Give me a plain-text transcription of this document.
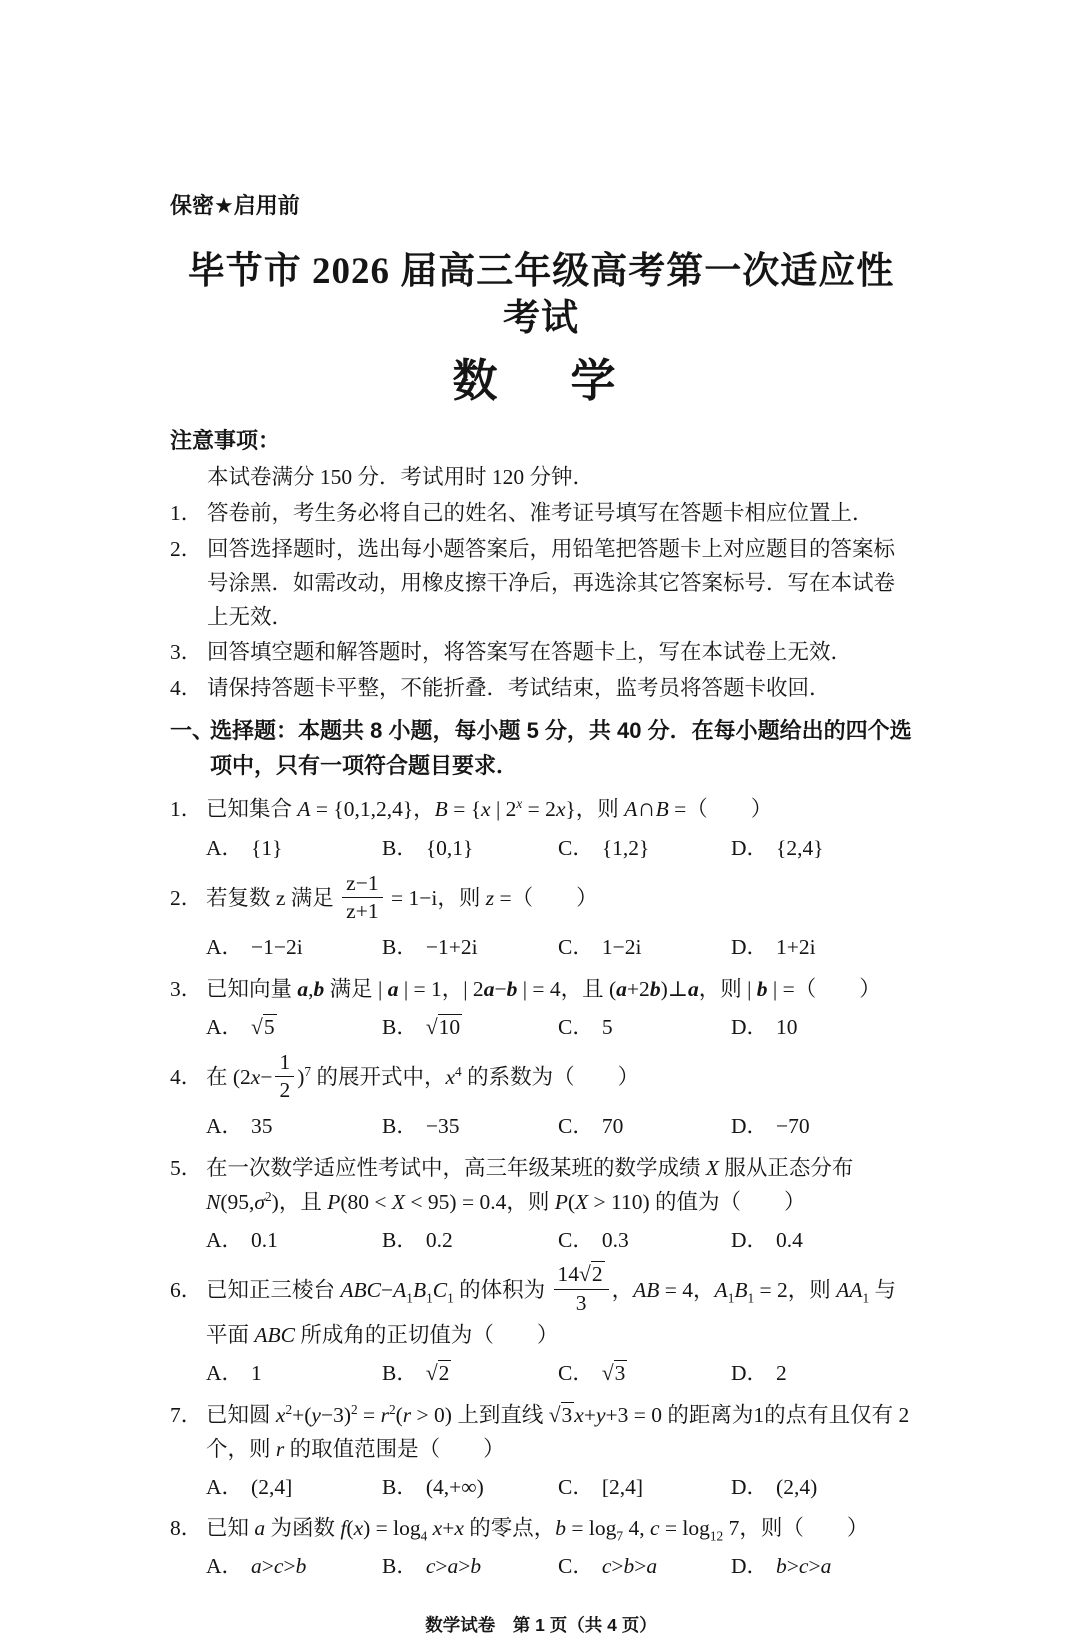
保密★启用前
毕节市 2026 届高三年级高考第一次适应性考试
数　学

注意事项：

本试卷满分 150 分．考试用时 120 分钟．

1． 答卷前，考生务必将自己的姓名、准考证号填写在答题卡相应位置上．

2． 回答选择题时，选出每小题答案后，用铅笔把答题卡上对应题目的答案标号涂黑．如需改动，用橡皮擦干净后，再选涂其它答案标号．写在本试卷上无效．

3． 回答填空题和解答题时，将答案写在答题卡上，写在本试卷上无效．

4． 请保持答题卡平整，不能折叠．考试结束，监考员将答题卡收回．

一、选择题：本题共 8 小题，每小题 5 分，共 40 分．在每小题给出的四个选项中，只有一项符合题目要求．

1． 已知集合 A = {0,1,2,4}，B = {x | $2^x = 2x$}，则 A∩B =（　　）

A． {1}	B． {0,1}	C． {1,2}	D． {2,4}

2． 若复数 z 满足 $\frac{z-1}{z+1} = 1-i$，则 z =（　　）

A． −1−2i	B． −1+2i	C． 1−2i	D． 1+2i

3． 已知向量 a,b 满足 | a | = 1，| 2a−b | = 4，且 (a+2b)⊥a，则 | b | =（　　）

A． √5	B． √10	C． 5	D． 10

4． 在 $(2x- \frac{1}{2} )^7$ 的展开式中，$x^4$ 的系数为（　　）

A． 35	B． −35	C． 70	D． −70

5． 在一次数学适应性考试中，高三年级某班的数学成绩 X 服从正态分布 $N(95,\sigma^2)$，且 P(80 < X < 95) = 0.4，则 P(X > 110) 的值为（　　）

A． 0.1	B． 0.2	C． 0.3	D． 0.4

6． 已知正三棱台 $ABC-A_1B_1C_1$ 的体积为 $\frac{14√2}{3}$ ，AB = 4，$A_1B_1 = 2$，则 $AA_1$ 与平面 ABC 所成角的正切值为（　　）

A． 1	B． √2	C． √3	D． 2

7． 已知圆 $x^2+(y-3)^2 = r^2(r > 0)$ 上到直线 √3x+y+3 = 0 的距离为1的点有且仅有 2 个，则 r 的取值范围是（　　）

A． (2,4]	B． (4,+∞)	C． [2,4]	D． (2,4)

8． 已知 a 为函数 $f(x) = \log_4 x+x$ 的零点，$b = \log_7 4$, $c = \log_{12} 7$，则（　　）

A． a>c>b	B． c>a>b	C． c>b>a	D． b>c>a

数学试卷　第 1 页（共 4 页）
